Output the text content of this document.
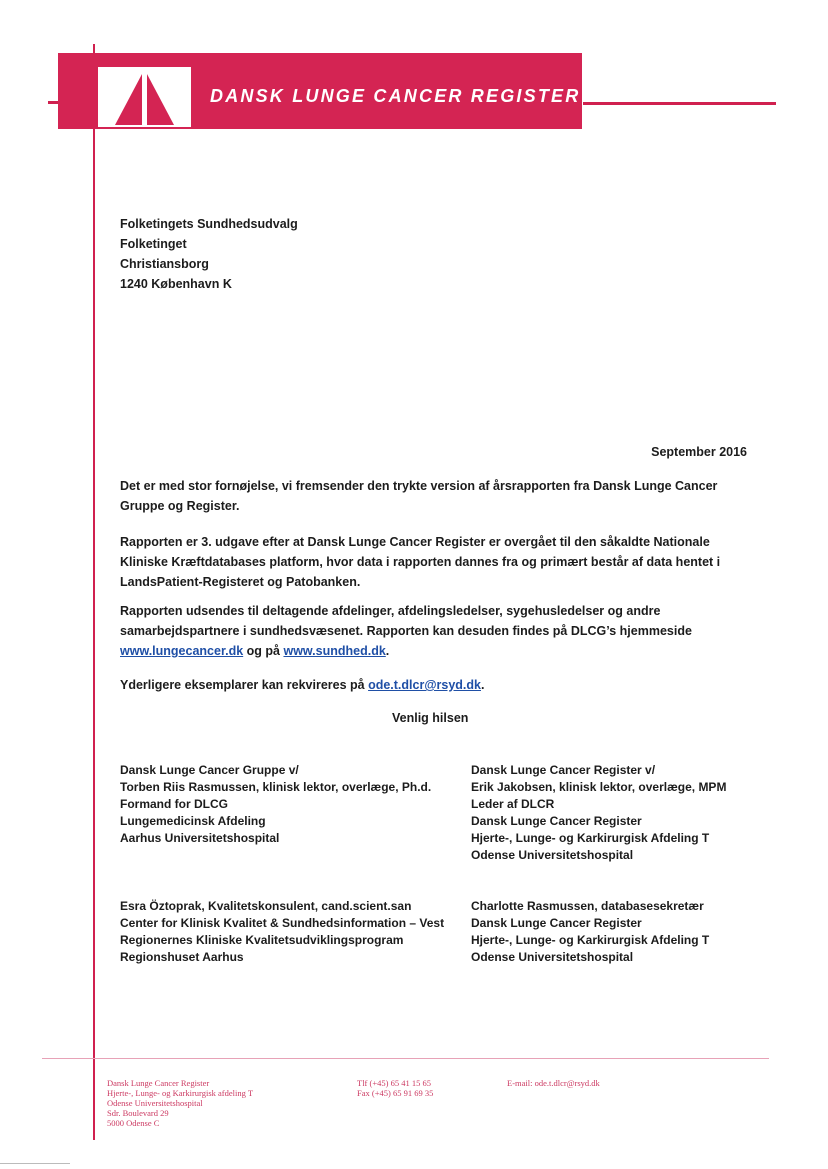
DANSK LUNGE CANCER REGISTER
Folketingets Sundhedsudvalg
Folketinget
Christiansborg
1240 København K
September 2016
Det er med stor fornøjelse, vi fremsender den trykte version af årsrapporten fra Dansk Lunge Cancer Gruppe og Register.
Rapporten er 3. udgave efter at Dansk Lunge Cancer Register er overgået til den såkaldte Nationale Kliniske Kræftdatabases platform, hvor data i rapporten dannes fra og primært består af data hentet i LandsPatient-Registeret og Patobanken.
Rapporten udsendes til deltagende afdelinger, afdelingsledelser, sygehusledelser og andre samarbejdspartnere i sundhedsvæsenet. Rapporten kan desuden findes på DLCG’s hjemmeside www.lungecancer.dk og på www.sundhed.dk.
Yderligere eksemplarer kan rekvireres på ode.t.dlcr@rsyd.dk.
Venlig hilsen
Dansk Lunge Cancer Gruppe v/
Torben Riis Rasmussen, klinisk lektor, overlæge, Ph.d.
Formand for DLCG
Lungemedicinsk Afdeling
Aarhus Universitetshospital
Dansk Lunge Cancer Register v/
Erik Jakobsen, klinisk lektor, overlæge, MPM
Leder af DLCR
Dansk Lunge Cancer Register
Hjerte-, Lunge- og Karkirurgisk Afdeling T
Odense Universitetshospital
Esra Öztoprak, Kvalitetskonsulent, cand.scient.san
Center for Klinisk Kvalitet & Sundhedsinformation – Vest
Regionernes Kliniske Kvalitetsudviklingsprogram
Regionshuset Aarhus
Charlotte Rasmussen, databasesekretær
Dansk Lunge Cancer Register
Hjerte-, Lunge- og Karkirurgisk Afdeling T
Odense Universitetshospital
Dansk Lunge Cancer Register
Hjerte-, Lunge- og Karkirurgisk afdeling T
Odense Universitetshospital
Sdr. Boulevard 29
5000 Odense C
Tlf (+45) 65 41 15 65
Fax (+45) 65 91 69 35
E-mail: ode.t.dlcr@rsyd.dk
